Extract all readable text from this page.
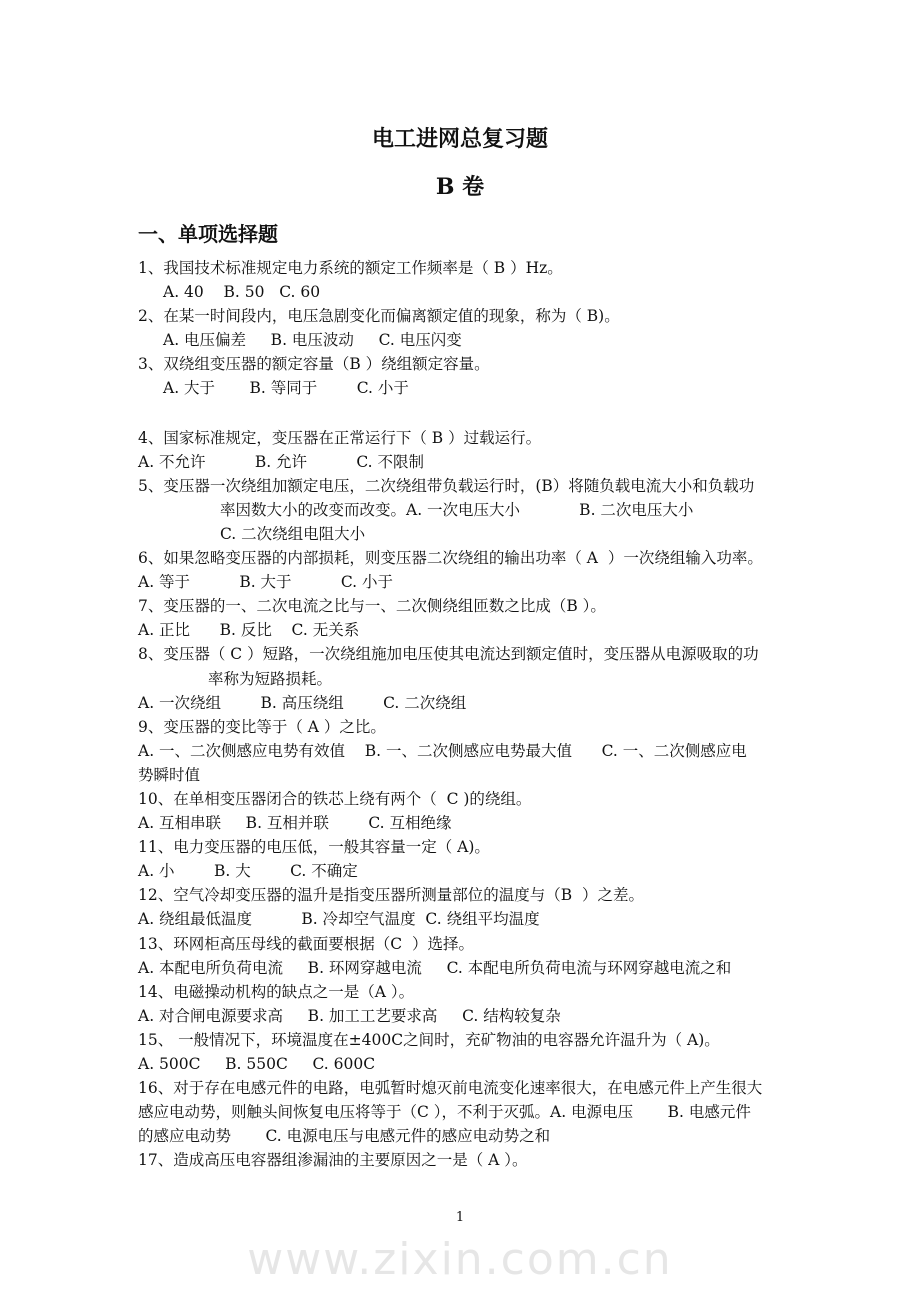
电工进网总复习题
B 卷
一、单项选择题
1、我国技术标准规定电力系统的额定工作频率是（ B ）Hz。
A. 40    B. 50   C. 60
2、在某一时间段内，电压急剧变化而偏离额定值的现象，称为（ B)。
A. 电压偏差     B. 电压波动     C. 电压闪变
3、双绕组变压器的额定容量（B ）绕组额定容量。
A. 大于       B. 等同于        C. 小于
4、国家标准规定，变压器在正常运行下（ B ）过载运行。
A. 不允许          B. 允许          C. 不限制
5、变压器一次绕组加额定电压，二次绕组带负载运行时，(B）将随负载电流大小和负载功
率因数大小的改变而改变。A. 一次电压大小            B. 二次电压大小
C. 二次绕组电阻大小
6、如果忽略变压器的内部损耗，则变压器二次绕组的输出功率（ A  ）一次绕组输入功率。
A. 等于          B. 大于          C. 小于
7、变压器的一、二次电流之比与一、二次侧绕组匝数之比成（B ）。
A. 正比      B. 反比    C. 无关系
8、变压器（ C ）短路，一次绕组施加电压使其电流达到额定值时，变压器从电源吸取的功
率称为短路损耗。
A. 一次绕组        B. 高压绕组        C. 二次绕组
9、变压器的变比等于（ A ）之比。
A. 一、二次侧感应电势有效值    B. 一、二次侧感应电势最大值      C. 一、二次侧感应电
势瞬时值
10、在单相变压器闭合的铁芯上绕有两个（  C )的绕组。
A. 互相串联     B. 互相并联        C. 互相绝缘
11、电力变压器的电压低，一般其容量一定（ A)。
A. 小        B. 大        C. 不确定
12、空气冷却变压器的温升是指变压器所测量部位的温度与（B  ）之差。
A. 绕组最低温度          B. 冷却空气温度  C. 绕组平均温度
13、环网柜高压母线的截面要根据（C  ）选择。
A. 本配电所负荷电流     B. 环网穿越电流     C. 本配电所负荷电流与环网穿越电流之和
14、电磁操动机构的缺点之一是（A ）。
A. 对合闸电源要求高     B. 加工工艺要求高     C. 结构较复杂
15、 一般情况下，环境温度在±400C之间时，充矿物油的电容器允许温升为（ A)。
A. 500C     B. 550C     C. 600C
16、对于存在电感元件的电路，电弧暂时熄灭前电流变化速率很大，在电感元件上产生很大
感应电动势，则触头间恢复电压将等于（C ），不利于灭弧。A. 电源电压       B. 电感元件
的感应电动势       C. 电源电压与电感元件的感应电动势之和
17、造成高压电容器组渗漏油的主要原因之一是（ A ）。
1
www.zixin.com.cn
